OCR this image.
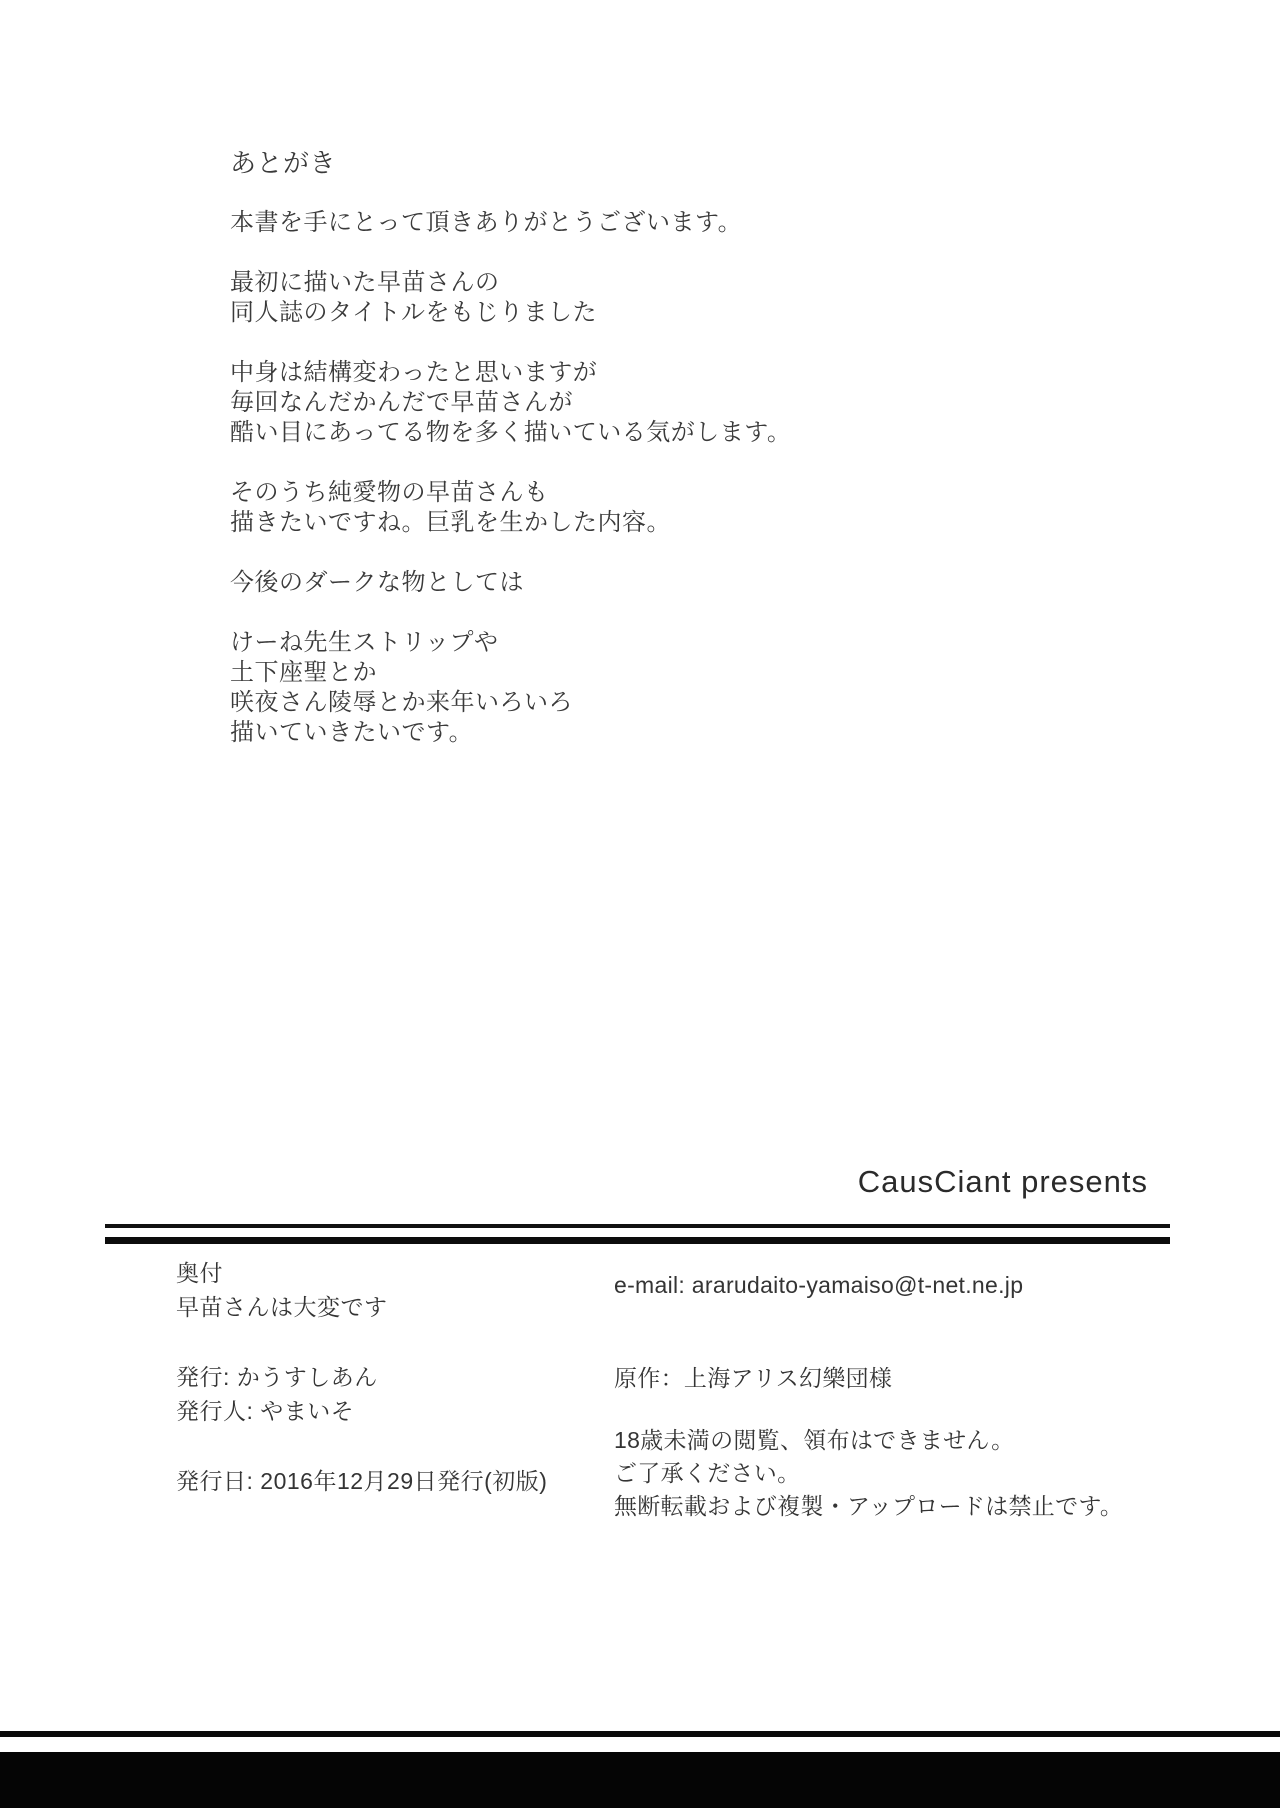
あとがき
本書を手にとって頂きありがとうございます。
最初に描いた早苗さんの
同人誌のタイトルをもじりました
中身は結構変わったと思いますが
毎回なんだかんだで早苗さんが
酷い目にあってる物を多く描いている気がします。
そのうち純愛物の早苗さんも
描きたいですね。巨乳を生かした内容。
今後のダークな物としては
けーね先生ストリップや
土下座聖とか
咲夜さん陵辱とか来年いろいろ
描いていきたいです。
CausCiant presents
奥付
早苗さんは大変です
発行: かうすしあん
発行人: やまいそ
発行日: 2016年12月29日発行(初版)
e-mail: ararudaito-yamaiso@t-net.ne.jp
原作：上海アリス幻樂団様
18歳未満の閲覧、領布はできません。
ご了承ください。
無断転載および複製・アップロードは禁止です。
